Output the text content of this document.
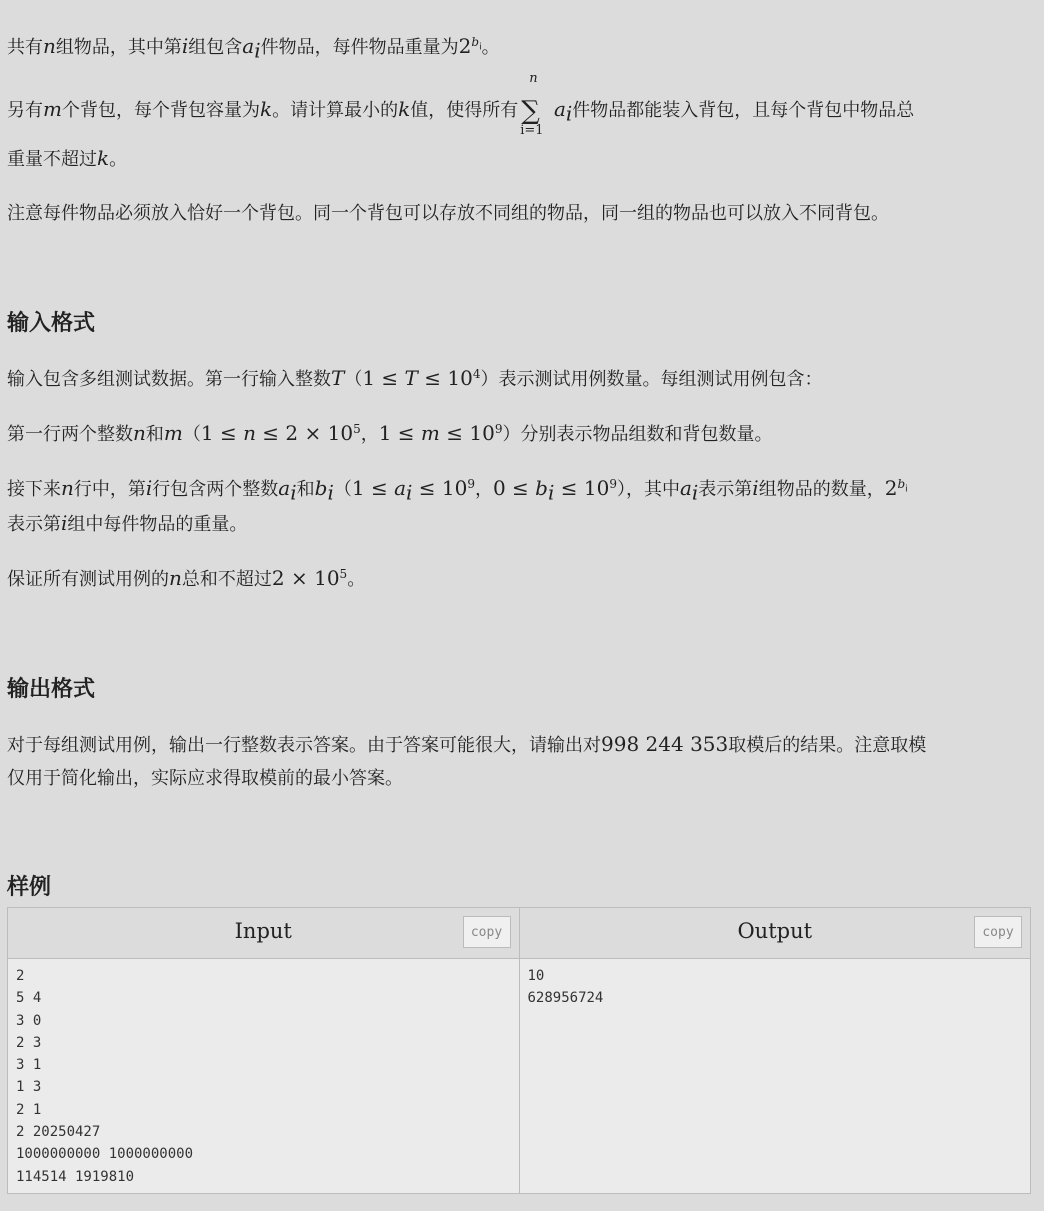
共有n组物品，其中第i组包含$a_i$件物品，每件物品重量为$2^{b_i}$。
另有m个背包，每个背包容量为k。请计算最小的k值，使得所有
n
∑
i=1
$a_i$件物品都能装入背包，且每个背包中物品总
重量不超过k。
注意每件物品必须放入恰好一个背包。同一个背包可以存放不同组的物品，同一组的物品也可以放入不同背包。
输入格式
输入包含多组测试数据。第一行输入整数$T(1 \le T \le 10^4)$表示测试用例数量。每组测试用例包含：
第一行两个整数n和$m(1 \le n \le 2 \times 10^5$，$1 \le m \le 10^9$）分别表示物品组数和背包数量。
接下来n行中，第i行包含两个整数$a_i$和$b_i(1 \le a_i \le 10^9$，$0 \le b_i \le 10^9$），其中$a_i$表示第i组物品的数量，$2^{b_i}$
表示第i组中每件物品的重量。
保证所有测试用例的n总和不超过$2 \times 10^5$。
输出格式
对于每组测试用例，输出一行整数表示答案。由于答案可能很大，请输出对998 244 353取模后的结果。注意取模
仅用于简化输出，实际应求得取模前的最小答案。
样例
Input	copy
2
5 4
3 0
2 3
3 1
1 3
2 1
2 20250427
1000000000 1000000000
114514 1919810
Output	copy
10
628956724
